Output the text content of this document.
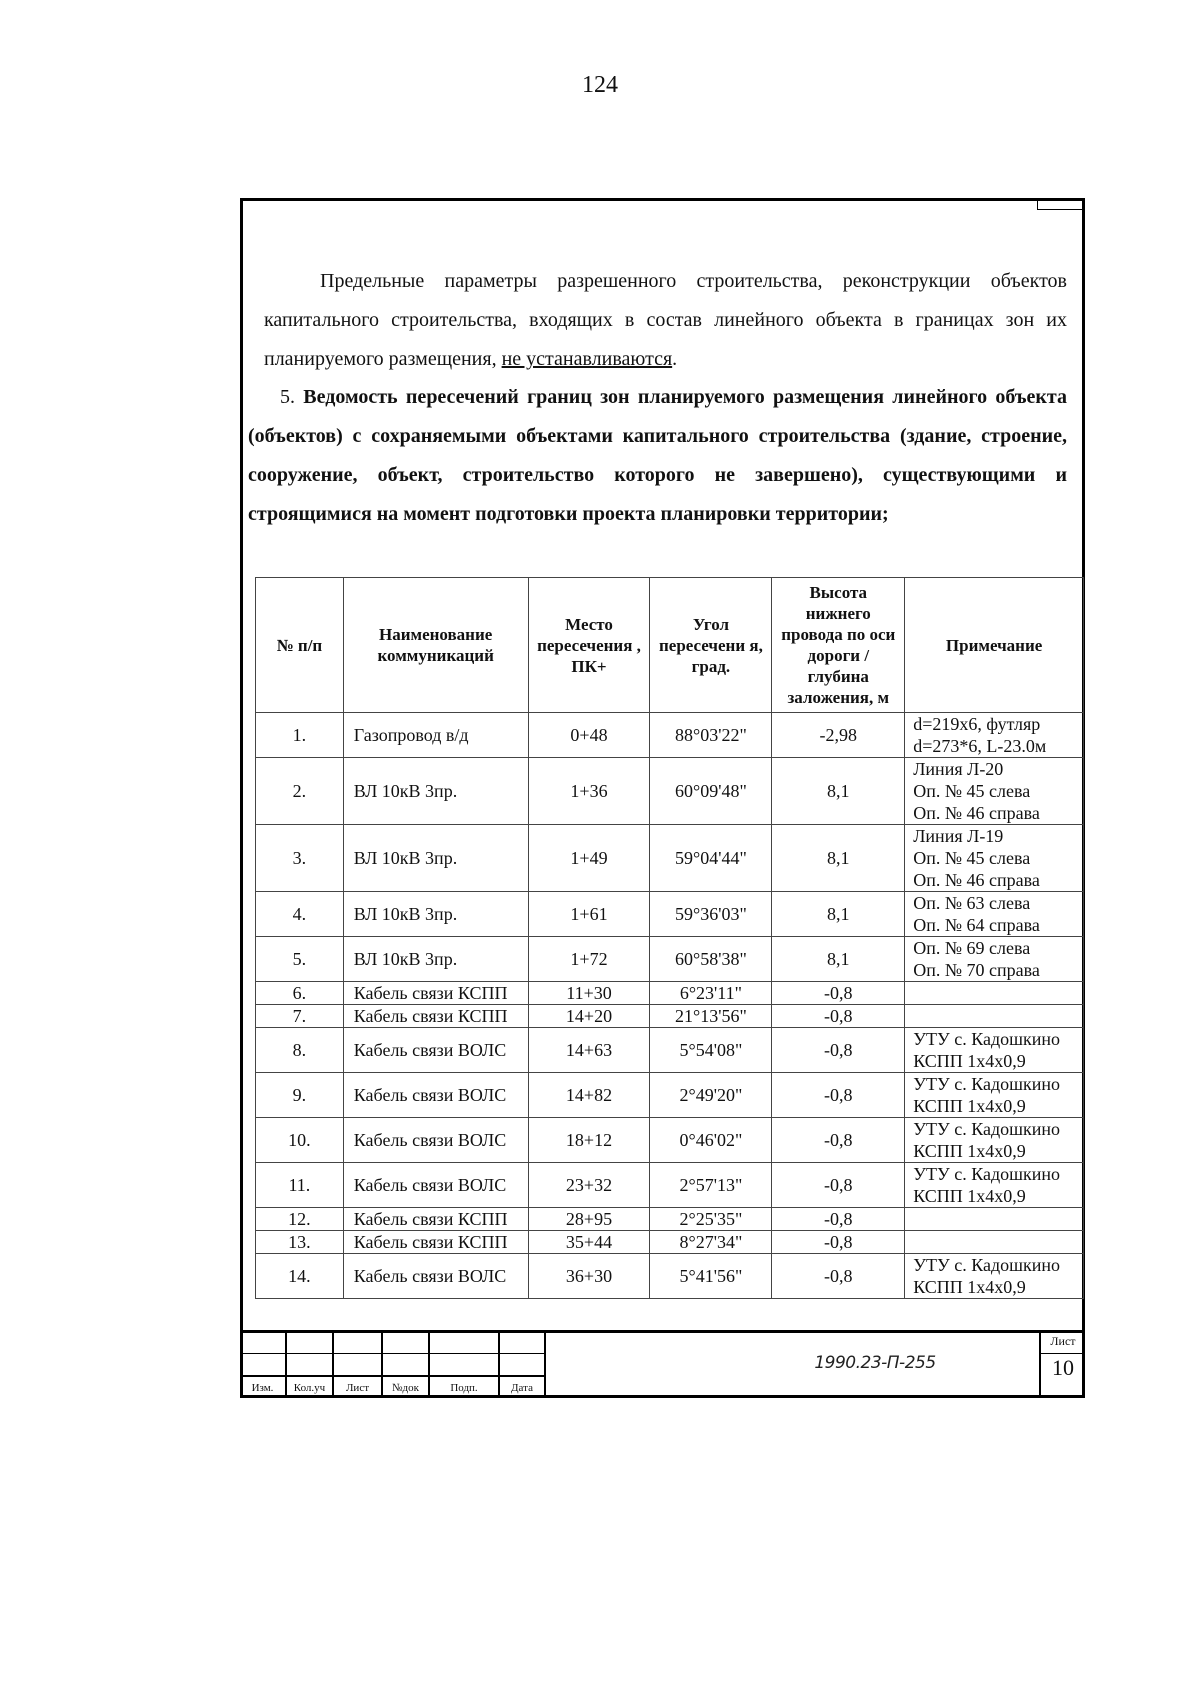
124
Предельные параметры разрешенного строительства, реконструкции объектов капитального строительства, входящих в состав линейного объекта в границах зон их планируемого размещения, не устанавливаются.
5. Ведомость пересечений границ зон планируемого размещения линейного объекта (объектов) с сохраняемыми объектами капитального строительства (здание, строение, сооружение, объект, строительство которого не завершено), существующими и строящимися на момент подготовки проекта планировки территории;
№ п/п	Наименование коммуникаций	Место пересечения , ПК+	Угол пересечени я, град.	Высота нижнего провода по оси дороги / глубина заложения, м	Примечание
1.	Газопровод в/д	0+48	88°03'22"	-2,98	d=219х6, футляр
d=273*6, L-23.0м

2.	ВЛ 10кВ 3пр.	1+36	60°09'48"	8,1	Линия Л-20
Оп. № 45 слева
Оп. № 46 справа

3.	ВЛ 10кВ 3пр.	1+49	59°04'44"	8,1	Линия Л-19
Оп. № 45 слева
Оп. № 46 справа

4.	ВЛ 10кВ 3пр.	1+61	59°36'03"	8,1	Оп. № 63 слева
Оп. № 64 справа

5.	ВЛ 10кВ 3пр.	1+72	60°58'38"	8,1	Оп. № 69 слева
Оп. № 70 справа

6.	Кабель связи КСПП	11+30	6°23'11"	-0,8	
7.	Кабель связи КСПП	14+20	21°13'56"	-0,8	
8.	Кабель связи ВОЛС	14+63	5°54'08"	-0,8	УТУ с. Кадошкино
КСПП 1х4х0,9

9.	Кабель связи ВОЛС	14+82	2°49'20"	-0,8	УТУ с. Кадошкино
КСПП 1х4х0,9

10.	Кабель связи ВОЛС	18+12	0°46'02"	-0,8	УТУ с. Кадошкино
КСПП 1х4х0,9

11.	Кабель связи ВОЛС	23+32	2°57'13"	-0,8	УТУ с. Кадошкино
КСПП 1х4х0,9

12.	Кабель связи КСПП	28+95	2°25'35"	-0,8	
13.	Кабель связи КСПП	35+44	8°27'34"	-0,8	
14.	Кабель связи ВОЛС	36+30	5°41'56"	-0,8	УТУ с. Кадошкино
КСПП 1х4х0,9
Изм.	Кол.уч	Лист	№док	Подп.	Дата
1990.23-П-255
Лист
10
